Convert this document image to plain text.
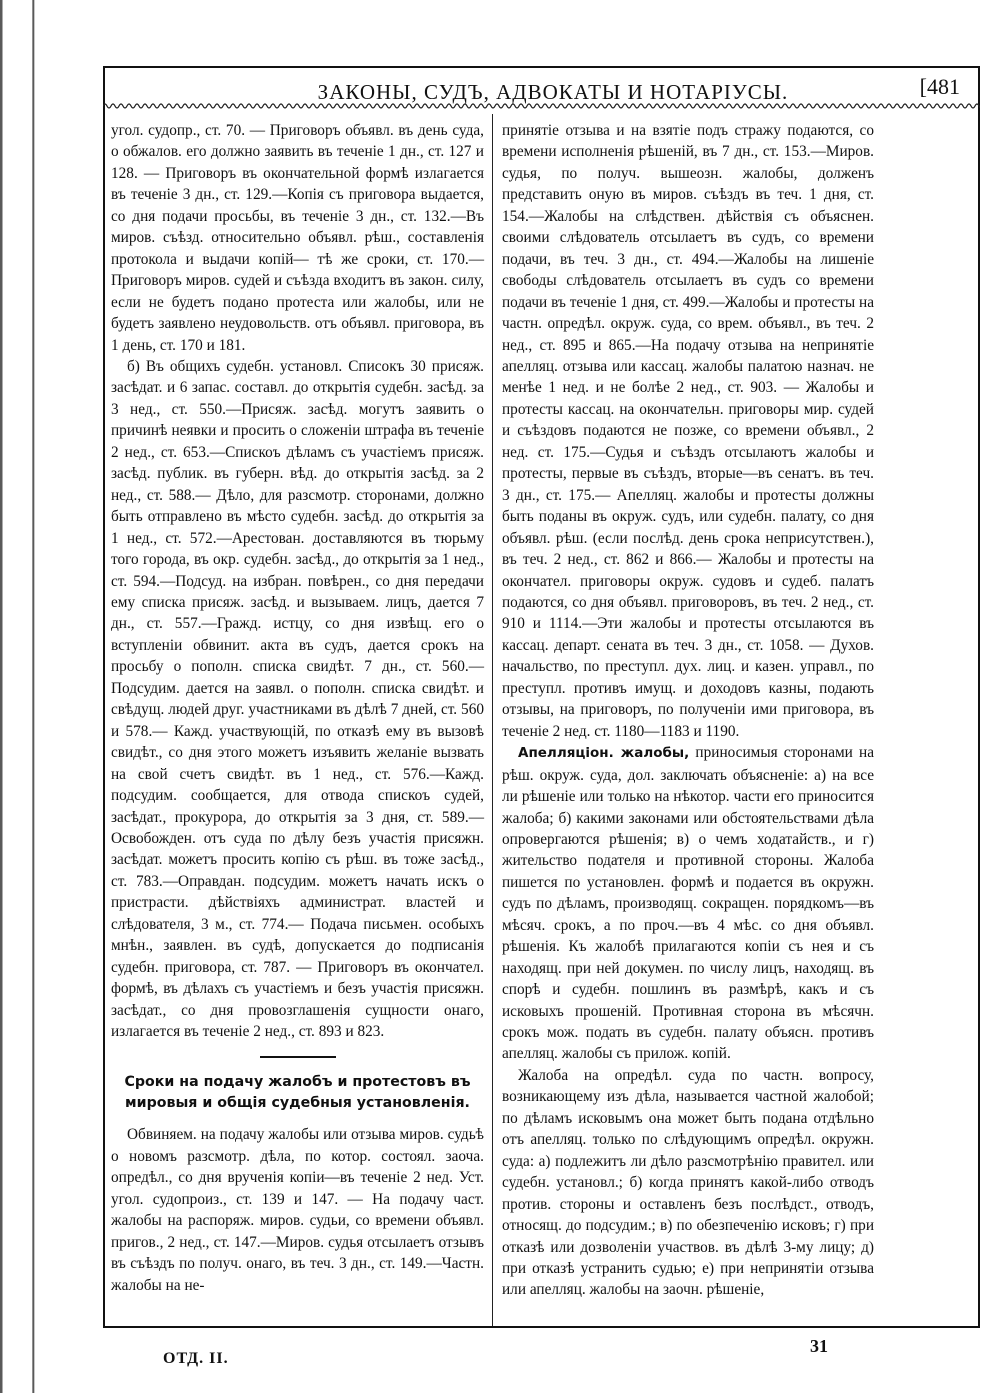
ЗАКОНЫ, СУДЪ, АДВОКАТЫ И НОТАРІУСЫ.	[481

угол. судопр., ст. 70. — Приговоръ объявл. въ день суда, о обжалов. его должно заявить въ теченіе 1 дн., ст. 127 и 128. — Приговоръ въ окончательной формѣ излагается въ теченіе 3 дн., ст. 129.—Копія съ приговора выдается, со дня подачи просьбы, въ теченіе 3 дн., ст. 132.—Въ миров. съѣзд. относительно объявл. рѣш., составленія протокола и выдачи копій— тѣ же сроки, ст. 170.—Приговоръ миров. судей и съѣзда входитъ въ закон. силу, если не будетъ подано протеста или жалобы, или не будетъ заявлено неудовольств. отъ объявл. приговора, въ 1 день, ст. 170 и 181.

б) Въ общихъ судебн. установл. Списокъ 30 присяж. засѣдат. и 6 запас. составл. до открытія судебн. засѣд. за 3 нед., ст. 550.—Присяж. засѣд. могутъ заявить о причинѣ неявки и просить о сложеніи штрафа въ теченіе 2 нед., ст. 653.—Спискоъ дѣламъ съ участіемъ присяж. засѣд. публик. въ губерн. вѣд. до открытія засѣд. за 2 нед., ст. 588.— Дѣло, для разсмотр. сторонами, должно быть отправлено въ мѣсто судебн. засѣд. до открытія за 1 нед., ст. 572.—Арестован. доставляются въ тюрьму того города, въ окр. судебн. засѣд., до открытія за 1 нед., ст. 594.—Подсуд. на избран. повѣрен., со дня передачи ему списка присяж. засѣд. и вызываем. лицъ, дается 7 дн., ст. 557.—Гражд. истцу, со дня извѣщ. его о вступленіи обвинит. акта въ судъ, дается срокъ на просьбу о пополн. списка свидѣт. 7 дн., ст. 560.—Подсудим. дается на заявл. о пополн. списка свидѣт. и свѣдущ. людей друг. участниками въ дѣлѣ 7 дней, ст. 560 и 578.— Кажд. участвующій, по отказѣ ему въ вызовѣ свидѣт., со дня этого можетъ изъявить желаніе вызвать на свой счетъ свидѣт. въ 1 нед., ст. 576.—Кажд. подсудим. сообщается, для отвода спискоъ судей, засѣдат., прокурора, до открытія за 3 дня, ст. 589.—Освобожден. отъ суда по дѣлу безъ участія присяжн. засѣдат. можетъ просить копію съ рѣш. въ тоже засѣд., ст. 783.—Оправдан. подсудим. можетъ начать искъ о пристрасти. дѣйствіяхъ администрат. властей и слѣдователя, 3 м., ст. 774.— Подача письмен. особыхъ мнѣн., заявлен. въ судѣ, допускается до подписанія судебн. приговора, ст. 787. — Приговоръ въ окончател. формѣ, въ дѣлахъ съ участіемъ и безъ участія присяжн. засѣдат., со дня провозглашенія сущности онаго, излагается въ теченіе 2 нед., ст. 893 и 823.

Сроки на подачу жалобъ и протестовъ въ мировыя и общія судебныя установленія.

Обвиняем. на подачу жалобы или отзыва миров. судьѣ о новомъ разсмотр. дѣла, по котор. состоял. заоча. опредѣл., со дня врученія копіи—въ теченіе 2 нед. Уст. угол. судопроиз., ст. 139 и 147. — На подачу част. жалобы на распоряж. миров. судьи, со времени объявл. пригов., 2 нед., ст. 147.—Миров. судья отсылаетъ отзывъ въ съѣздъ по получ. онаго, въ теч. 3 дн., ст. 149.—Частн. жалобы на не-

принятіе отзыва и на взятіе подъ стражу подаются, со времени исполненія рѣшеній, въ 7 дн., ст. 153.—Миров. судья, по получ. вышеозн. жалобы, долженъ представить оную въ миров. съѣздъ въ теч. 1 дня, ст. 154.—Жалобы на слѣдствен. дѣйствія съ объяснен. своими слѣдователь отсылаетъ въ судъ, со времени подачи, въ теч. 3 дн., ст. 494.—Жалобы на лишеніе свободы слѣдователь отсылаетъ въ судъ со времени подачи въ теченіе 1 дня, ст. 499.—Жалобы и протесты на частн. опредѣл. окруж. суда, со врем. объявл., въ теч. 2 нед., ст. 895 и 865.—На подачу отзыва на непринятіе апелляц. отзыва или кассац. жалобы палатою назнач. не менѣе 1 нед. и не болѣе 2 нед., ст. 903. — Жалобы и протесты кассац. на окончательн. приговоры мир. судей и съѣздовъ подаются не позже, со времени объявл., 2 нед. ст. 175.—Судья и съѣздъ отсылаютъ жалобы и протесты, первые въ съѣздъ, вторые—въ сенатъ. въ теч. 3 дн., ст. 175.— Апелляц. жалобы и протесты должны быть поданы въ окруж. судъ, или судебн. палату, со дня объявл. рѣш. (если послѣд. день срока неприсутствен.), въ теч. 2 нед., ст. 862 и 866.— Жалобы и протесты на окончател. приговоры окруж. судовъ и судеб. палатъ подаются, со дня объявл. приговоровъ, въ теч. 2 нед., ст. 910 и 1114.—Эти жалобы и протесты отсылаются въ кассац. департ. сената въ теч. 3 дн., ст. 1058. — Духов. начальство, по преступл. дух. лиц. и казен. управл., по преступл. противъ имущ. и доходовъ казны, подають отзывы, на приговоръ, по полученіи ими приговора, въ теченіе 2 нед. ст. 1180—1183 и 1190.

Апелляціон. жалобы, приносимыя сторонами на рѣш. окруж. суда, дол. заключать объясненіе: а) на все ли рѣшеніе или только на нѣкотор. части его приносится жалоба; б) какими законами или обстоятельствами дѣла опровергаются рѣшенія; в) о чемъ ходатайств., и г) жительство подателя и противной стороны. Жалоба пишется по установлен. формѣ и подается въ окружн. судъ по дѣламъ, производящ. сокращен. порядкомъ—въ мѣсяч. срокъ, а по проч.—въ 4 мѣс. со дня объявл. рѣшенія. Къ жалобѣ прилагаются копіи съ нея и съ находящ. при ней докумен. по числу лицъ, находящ. въ спорѣ и судебн. пошлинъ въ размѣрѣ, какъ и съ исковыхъ прошеній. Противная сторона въ мѣсячн. срокъ мож. подать въ судебн. палату объясн. противъ апелляц. жалобы съ прилож. копій.

Жалоба на опредѣл. суда по частн. вопросу, возникающему изъ дѣла, называется частной жалобой; по дѣламъ исковымъ она может быть подана отдѣльно отъ апелляц. только по слѣдующимъ опредѣл. окружн. суда: а) подлежитъ ли дѣло разсмотрѣнію правител. или судебн. установл.; б) когда принятъ какой-либо отводъ против. стороны и оставленъ безъ послѣдст., отводъ, относящ. до подсудим.; в) по обезпеченію исковъ; г) при отказѣ или дозволеніи участвов. въ дѣлѣ 3-му лицу; д) при отказѣ устранить судью; е) при непринятіи отзыва или апелляц. жалобы на заочн. рѣшеніе,

ОТД. II.
31
